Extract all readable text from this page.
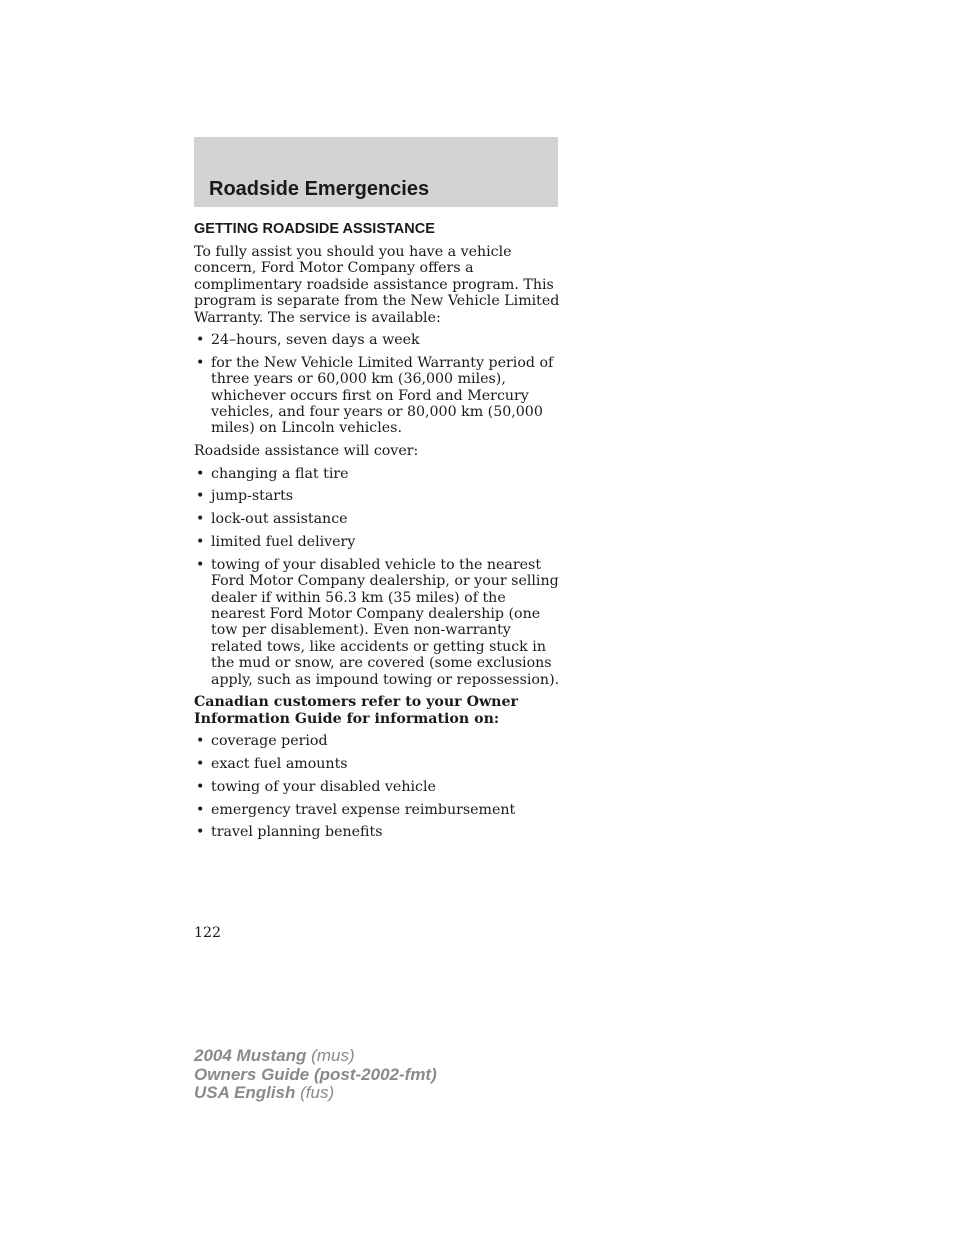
Roadside Emergencies
GETTING ROADSIDE ASSISTANCE

To fully assist you should you have a vehicle concern, Ford Motor Company offers a complimentary roadside assistance program. This program is separate from the New Vehicle Limited Warranty. The service is available:

• 24–hours, seven days a week
• for the New Vehicle Limited Warranty period of three years or 60,000 km (36,000 miles), whichever occurs first on Ford and Mercury vehicles, and four years or 80,000 km (50,000 miles) on Lincoln vehicles.

Roadside assistance will cover:

• changing a flat tire
• jump-starts
• lock-out assistance
• limited fuel delivery
• towing of your disabled vehicle to the nearest Ford Motor Company dealership, or your selling dealer if within 56.3 km (35 miles) of the nearest Ford Motor Company dealership (one tow per disablement). Even non-warranty related tows, like accidents or getting stuck in the mud or snow, are covered (some exclusions apply, such as impound towing or repossession).

Canadian customers refer to your Owner Information Guide for information on:

• coverage period
• exact fuel amounts
• towing of your disabled vehicle
• emergency travel expense reimbursement
• travel planning benefits
122
2004 Mustang (mus)
Owners Guide (post-2002-fmt)
USA English (fus)
